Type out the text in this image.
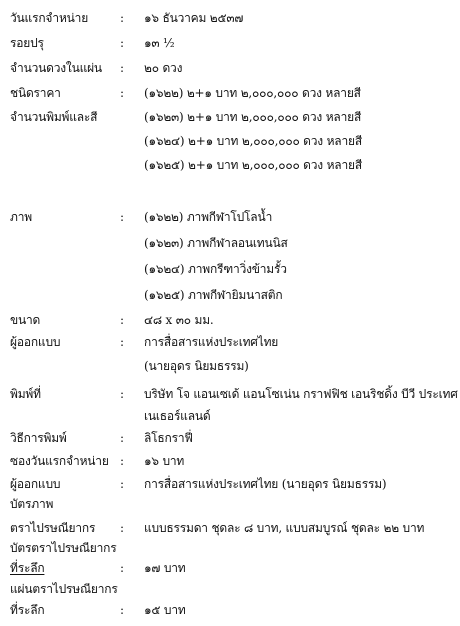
วันแรกจำหน่าย	: ๑๖ ธันวาคม ๒๕๓๗
รอยปรุ	: ๑๓ ½
จำนวนดวงในแผ่น : ๒๐ ดวง
ชนิดราคา	: (๑๖๒๒) ๒+๑ บาท ๒,๐๐๐,๐๐๐ ดวง หลายสี
จำนวนพิมพ์และสี	(๑๖๒๓) ๒+๑ บาท ๒,๐๐๐,๐๐๐ ดวง หลายสี
(๑๖๒๔) ๒+๑ บาท ๒,๐๐๐,๐๐๐ ดวง หลายสี
(๑๖๒๕) ๒+๑ บาท ๒,๐๐๐,๐๐๐ ดวง หลายสี
ภาพ	: (๑๖๒๒) ภาพกีฬาโปโลน้ำ
(๑๖๒๓) ภาพกีฬาลอนเทนนิส
(๑๖๒๔) ภาพกรีฑาวิ่งข้ามรั้ว
(๑๖๒๕) ภาพกีฬายิมนาสติก
ขนาด	: ๔๘ x ๓๐ มม.
ผู้ออกแบบ	: การสื่อสารแห่งประเทศไทย
(นายอุดร นิยมธรรม)
พิมพ์ที่	: บริษัท โจ แอนเซเด้ แอนโซเน่น กราฟฟิช เอนริชดิ้ง บีวี ประเทศ
เนเธอร์แลนด์
วิธีการพิมพ์	: ลิโธกราฟี่
ซองวันแรกจำหน่าย : ๑๖ บาท
ผู้ออกแบบ	: การสื่อสารแห่งประเทศไทย (นายอุดร นิยมธรรม)
บัตรภาพ
ตราไปรษณียากร : แบบธรรมดา ชุดละ ๘ บาท, แบบสมบูรณ์ ชุดละ ๒๒ บาท
บัตรตราไปรษณียากร
ที่ระลึก	: ๑๗ บาท
แผ่นตราไปรษณียากร
ที่ระลึก	: ๑๕ บาท
